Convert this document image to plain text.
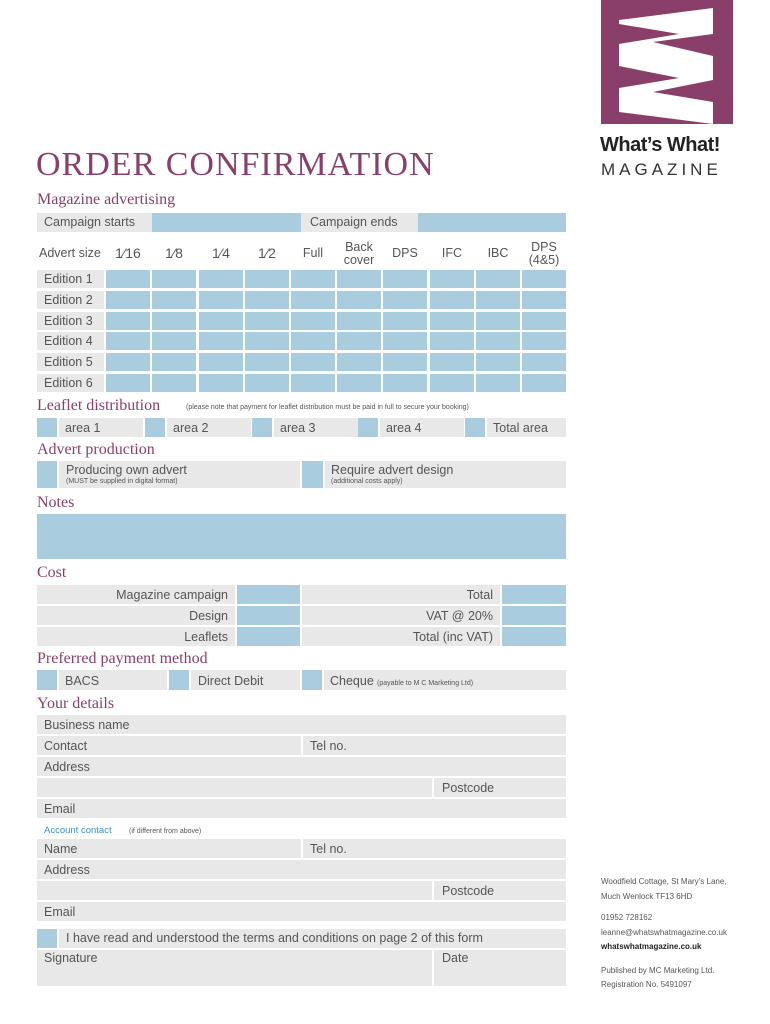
What’s What!
MAGAZINE
ORDER CONFIRMATION
Magazine advertising
Campaign starts	Campaign ends
Advert size	1⁄16	1⁄8	1⁄4	1⁄2	Full	Back cover	DPS	IFC	IBC	DPS (4&5)
Edition 1
Edition 2
Edition 3
Edition 4
Edition 5
Edition 6
Leaflet distribution	(please note that payment for leaflet distribution must be paid in full to secure your booking)
area 1	area 2	area 3	area 4	Total area
Advert production
Producing own advert
(MUST be supplied in digital format)
Require advert design
(additional costs apply)
Notes
Cost
Magazine campaign	Total
Design	VAT @ 20%
Leaflets	Total (inc VAT)
Preferred payment method
BACS	Direct Debit	Cheque (payable to M C Marketing Ltd)
Your details
Business name
Contact	Tel no.
Address
Postcode
Email
Account contact (if different from above)
Name	Tel no.
Address
Postcode
Email
I have read and understood the terms and conditions on page 2 of this form
Signature	Date
Woodfield Cottage, St Mary’s Lane,
Much Wenlock TF13 6HD
01952 728162
leanne@whatswhatmagazine.co.uk
whatswhatmagazine.co.uk
Published by MC Marketing Ltd.
Registration No. 5491097
